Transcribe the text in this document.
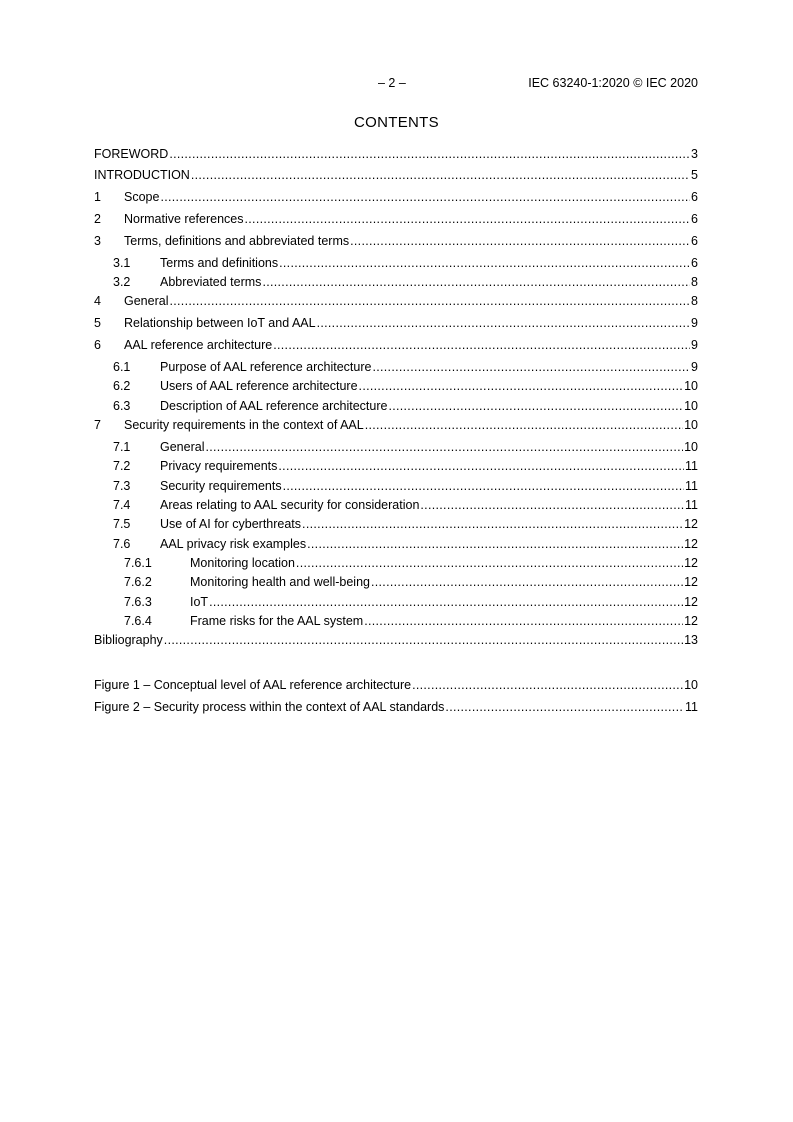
– 2 –	IEC 63240-1:2020 © IEC 2020
CONTENTS
FOREWORD .....	3
INTRODUCTION .....	5
1	Scope .....	6
2	Normative references .....	6
3	Terms, definitions and abbreviated terms .....	6
3.1	Terms and definitions .....	6
3.2	Abbreviated terms .....	8
4	General .....	8
5	Relationship between IoT and AAL .....	9
6	AAL reference architecture .....	9
6.1	Purpose of AAL reference architecture .....	9
6.2	Users of AAL reference architecture .....	10
6.3	Description of AAL reference architecture .....	10
7	Security requirements in the context of AAL .....	10
7.1	General .....	10
7.2	Privacy requirements .....	11
7.3	Security requirements .....	11
7.4	Areas relating to AAL security for consideration .....	11
7.5	Use of AI for cyberthreats .....	12
7.6	AAL privacy risk examples .....	12
7.6.1	Monitoring location .....	12
7.6.2	Monitoring health and well-being .....	12
7.6.3	IoT .....	12
7.6.4	Frame risks for the AAL system .....	12
Bibliography .....	13
Figure 1 – Conceptual level of AAL reference architecture .....	10
Figure 2 – Security process within the context of AAL standards .....	11
